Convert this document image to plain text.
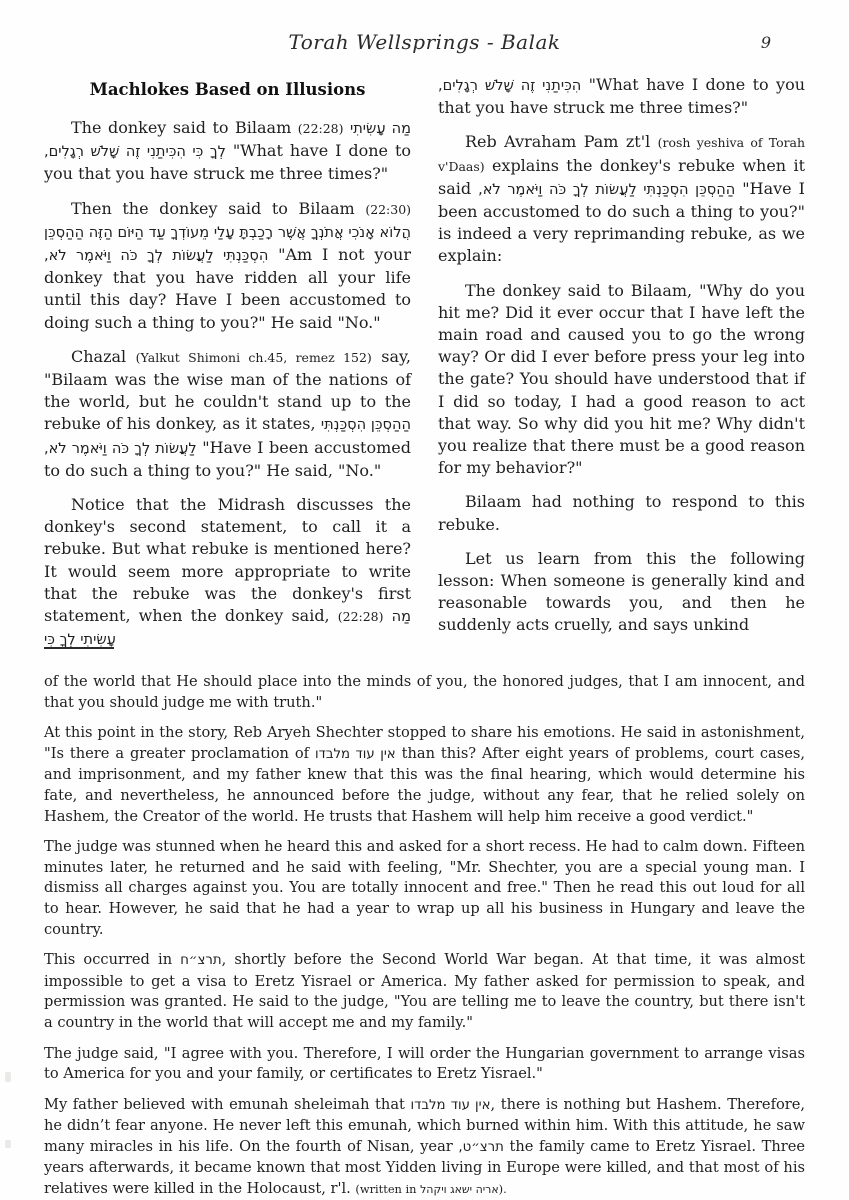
Torah Wellsprings - Balak	9
Machlokes Based on Illusions

The donkey said to Bilaam (22:28) מַה עָשִׂיתִי לְךָ כִּי הִכִּיתַנִי זֶה שָׁלֹשׁ רְגָלִים, "What have I done to you that you have struck me three times?"

Then the donkey said to Bilaam (22:30) הֲלוֹא אָנֹכִי אֲתֹנְךָ אֲשֶׁר רָכַבְתָּ עָלַי מֵעוֹדְךָ עַד הַיּוֹם הַזֶּה הַהַסְכֵּן הִסְכַּנְתִּי לַעֲשׂוֹת לְךָ כֹּה וַיֹּאמֶר לֹא, "Am I not your donkey that you have ridden all your life until this day? Have I been accustomed to doing such a thing to you?" He said "No."

Chazal (Yalkut Shimoni ch.45, remez 152) say, "Bilaam was the wise man of the nations of the world, but he couldn't stand up to the rebuke of his donkey, as it states, הַהַסְכֵּן הִסְכַּנְתִּי לַעֲשׂוֹת לְךָ כֹּה וַיֹּאמֶר לֹא, "Have I been accustomed to do such a thing to you?" He said, "No."

Notice that the Midrash discusses the donkey's second statement, to call it a rebuke. But what rebuke is mentioned here? It would seem more appropriate to write that the rebuke was the donkey's first statement, when the donkey said, (22:28) מַה עָשִׂיתִי לְךָ כִּי

הִכִּיתַנִי זֶה שָׁלֹשׁ רְגָלִים, "What have I done to you that you have struck me three times?"

Reb Avraham Pam zt'l (rosh yeshiva of Torah v'Daas) explains the donkey's rebuke when it said הַהַסְכֵּן הִסְכַּנְתִּי לַעֲשׂוֹת לְךָ כֹּה וַיֹּאמֶר לֹא, "Have I been accustomed to do such a thing to you?" is indeed a very reprimanding rebuke, as we explain:

The donkey said to Bilaam, "Why do you hit me? Did it ever occur that I have left the main road and caused you to go the wrong way? Or did I ever before press your leg into the gate? You should have understood that if I did so today, I had a good reason to act that way. So why did you hit me? Why didn't you realize that there must be a good reason for my behavior?"

Bilaam had nothing to respond to this rebuke.

Let us learn from this the following lesson: When someone is generally kind and reasonable towards you, and then he suddenly acts cruelly, and says unkind

of the world that He should place into the minds of you, the honored judges, that I am innocent, and that you should judge me with truth."

At this point in the story, Reb Aryeh Shechter stopped to share his emotions. He said in astonishment, "Is there a greater proclamation of אין עוד מלבדו than this? After eight years of problems, court cases, and imprisonment, and my father knew that this was the final hearing, which would determine his fate, and nevertheless, he announced before the judge, without any fear, that he relied solely on Hashem, the Creator of the world. He trusts that Hashem will help him receive a good verdict."

The judge was stunned when he heard this and asked for a short recess. He had to calm down. Fifteen minutes later, he returned and he said with feeling, "Mr. Shechter, you are a special young man. I dismiss all charges against you. You are totally innocent and free." Then he read this out loud for all to hear. However, he said that he had a year to wrap up all his business in Hungary and leave the country.

This occurred in תרצ״ח, shortly before the Second World War began. At that time, it was almost impossible to get a visa to Eretz Yisrael or America. My father asked for permission to speak, and permission was granted. He said to the judge, "You are telling me to leave the country, but there isn't a country in the world that will accept me and my family."

The judge said, "I agree with you. Therefore, I will order the Hungarian government to arrange visas to America for you and your family, or certificates to Eretz Yisrael."

My father believed with emunah sheleimah that אין עוד מלבדו, there is nothing but Hashem. Therefore, he didn’t fear anyone. He never left this emunah, which burned within him. With this attitude, he saw many miracles in his life. On the fourth of Nisan, year תרצ״ט, the family came to Eretz Yisrael. Three years afterwards, it became known that most Yidden living in Europe were killed, and that most of his relatives were killed in the Holocaust, r'l. (written in אריה ישאג ויקהל).
